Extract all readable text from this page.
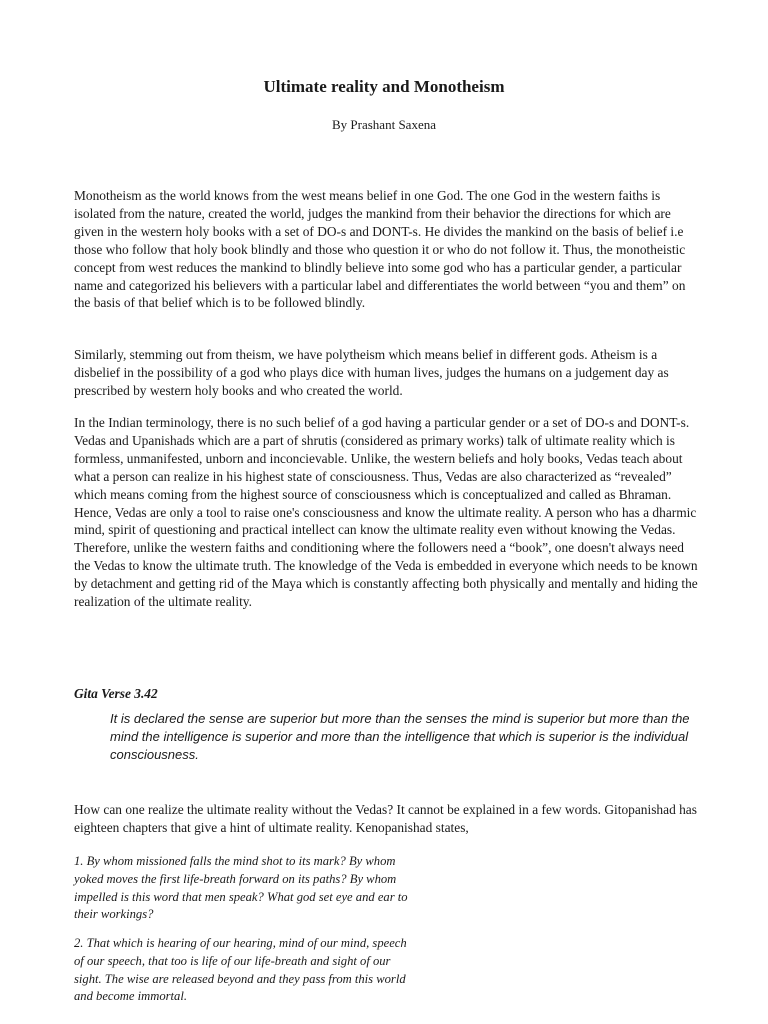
Ultimate reality and Monotheism

By Prashant Saxena

Monotheism as the world knows from the west means belief in one God. The one God in the western faiths is isolated from the nature, created the world, judges the mankind from their behavior the directions for which are given in the western holy books with a set of DO-s and DONT-s. He divides the mankind on the basis of belief i.e those who follow that holy book blindly and those who question it or who do not follow it. Thus, the monotheistic concept from west reduces the mankind to blindly believe into some god who has a particular gender, a particular name and categorized his believers with a particular label and differentiates the world between “you and them” on the basis of that belief which is to be followed blindly.

Similarly, stemming out from theism, we have polytheism which means belief in different gods. Atheism is a disbelief in the possibility of a god who plays dice with human lives, judges the humans on a judgement day as prescribed by western holy books and who created the world.

In the Indian terminology, there is no such belief of a god having a particular gender or a set of DO-s and DONT-s. Vedas and Upanishads which are a part of shrutis (considered as primary works) talk of ultimate reality which is formless, unmanifested, unborn and inconcievable. Unlike, the western beliefs and holy books, Vedas teach about what a person can realize in his highest state of consciousness. Thus, Vedas are also characterized as “revealed” which means coming from the highest source of consciousness which is conceptualized and called as Bhraman. Hence, Vedas are only a tool to raise one's consciousness and know the ultimate reality. A person who has a dharmic mind, spirit of questioning and practical intellect can know the ultimate reality even without knowing the Vedas. Therefore, unlike the western faiths and conditioning where the followers need a “book”, one doesn't always need the Vedas to know the ultimate truth. The knowledge of the Veda is embedded in everyone which needs to be known by detachment and getting rid of the Maya which is constantly affecting both physically and mentally and hiding the realization of the ultimate reality.

Gita Verse 3.42

It is declared the sense are superior but more than the senses the mind is superior but more than the mind the intelligence is superior and more than the intelligence that which is superior is the individual consciousness.

How can one realize the ultimate reality without the Vedas? It cannot be explained in a few words. Gitopanishad has eighteen chapters that give a hint of ultimate reality. Kenopanishad states,

1. By whom missioned falls the mind shot to its mark? By whom yoked moves the first life-breath forward on its paths? By whom impelled is this word that men speak? What god set eye and ear to their workings?

2. That which is hearing of our hearing, mind of our mind, speech of our speech, that too is life of our life-breath and sight of our sight. The wise are released beyond and they pass from this world and become immortal.
